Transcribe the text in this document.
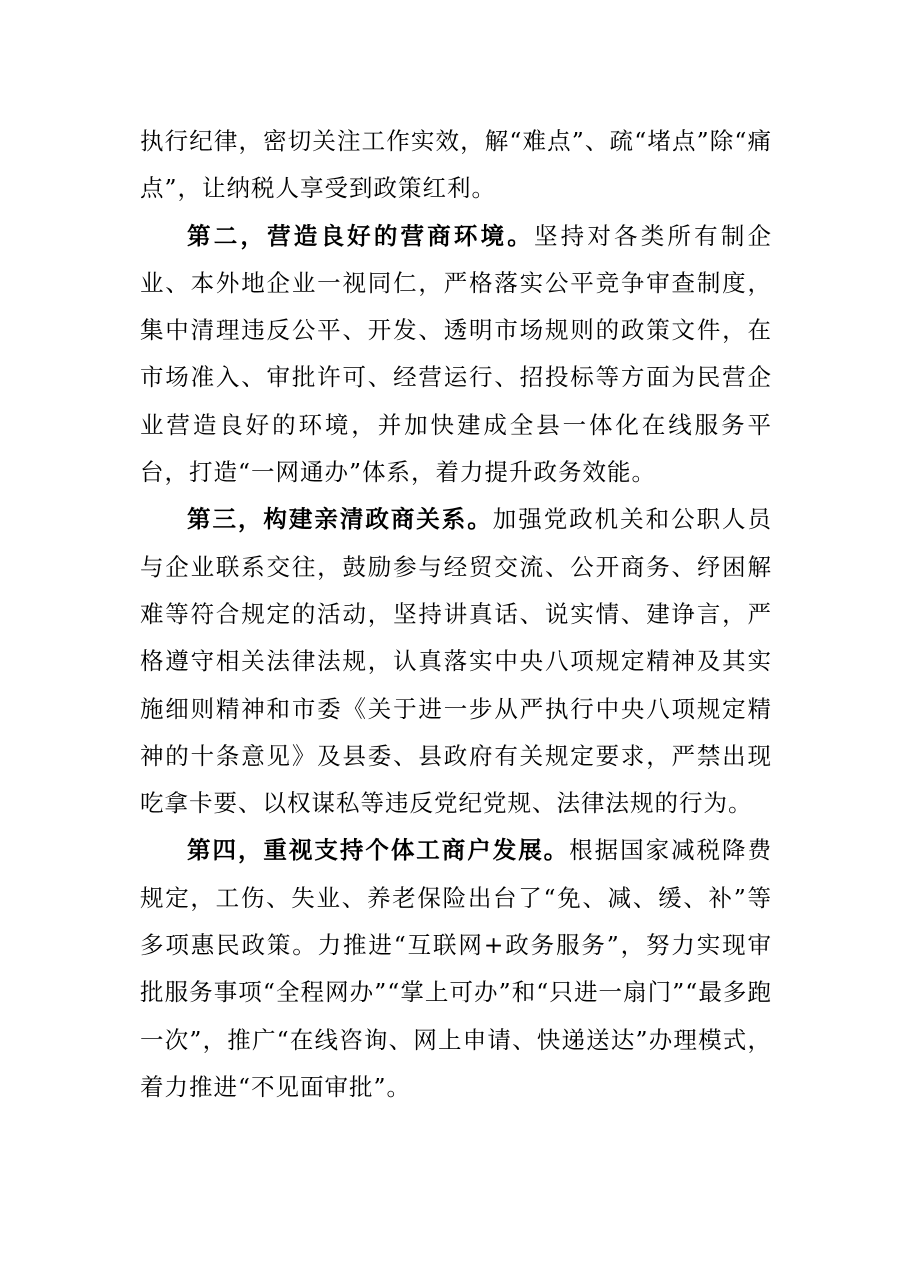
执行纪律，密切关注工作实效，解“难点”、疏“堵点”除“痛点”，让纳税人享受到政策红利。

第二，营造良好的营商环境。坚持对各类所有制企业、本外地企业一视同仁，严格落实公平竞争审查制度，集中清理违反公平、开发、透明市场规则的政策文件，在市场准入、审批许可、经营运行、招投标等方面为民营企业营造良好的环境，并加快建成全县一体化在线服务平台，打造“一网通办”体系，着力提升政务效能。

第三，构建亲清政商关系。加强党政机关和公职人员与企业联系交往，鼓励参与经贸交流、公开商务、纾困解难等符合规定的活动，坚持讲真话、说实情、建诤言，严格遵守相关法律法规，认真落实中央八项规定精神及其实施细则精神和市委《关于进一步从严执行中央八项规定精神的十条意见》及县委、县政府有关规定要求，严禁出现吃拿卡要、以权谋私等违反党纪党规、法律法规的行为。

第四，重视支持个体工商户发展。根据国家减税降费规定，工伤、失业、养老保险出台了“免、减、缓、补”等多项惠民政策。力推进“互联网+政务服务”，努力实现审批服务事项“全程网办”“掌上可办”和“只进一扇门”“最多跑一次”，推广“在线咨询、网上申请、快递送达”办理模式，着力推进“不见面审批”。
